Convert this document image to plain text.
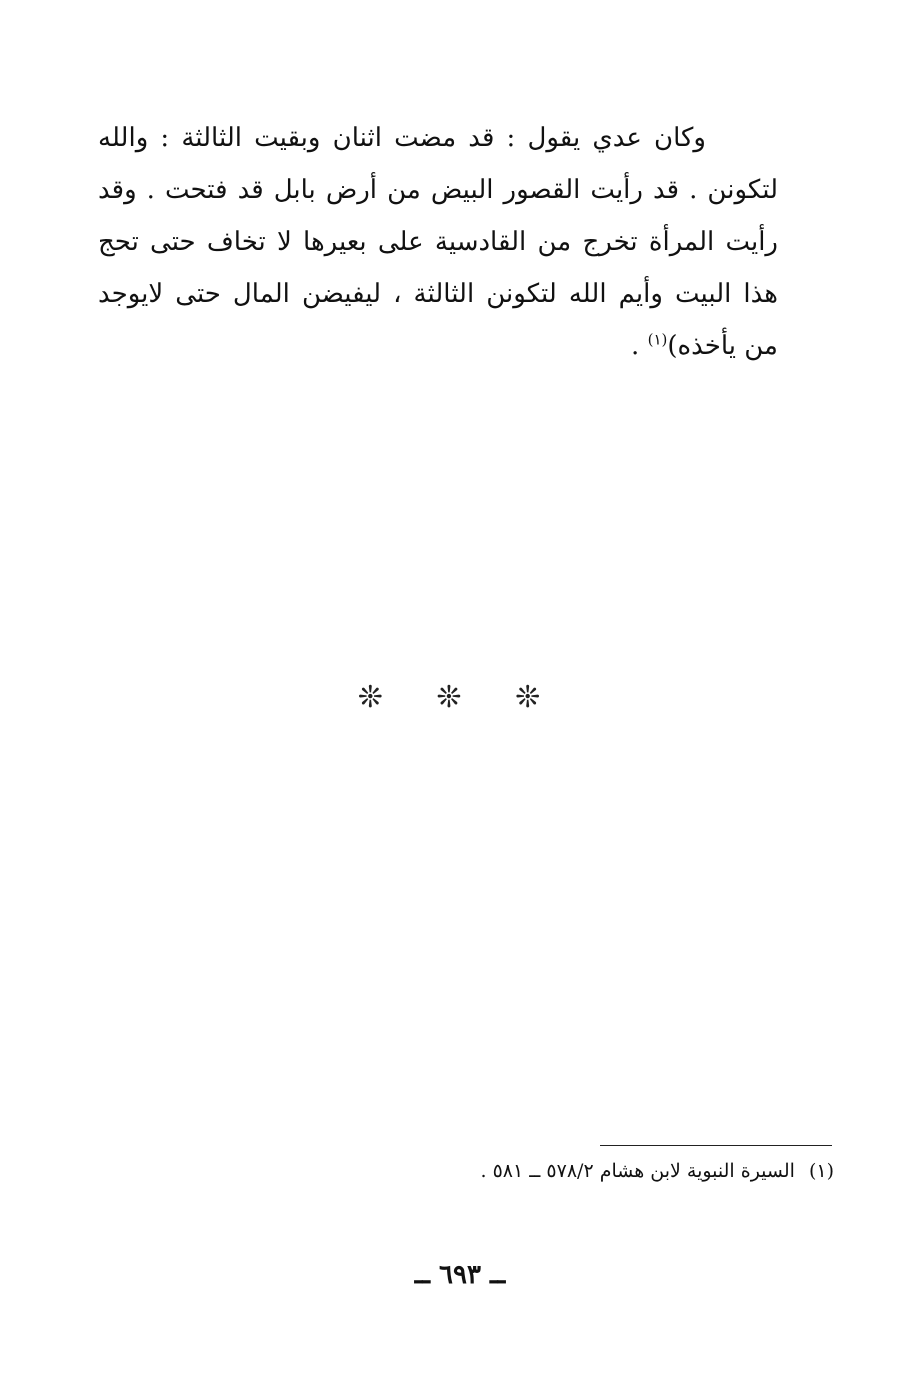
وكان عدي يقول : قد مضت اثنان وبقيت الثالثة : والله لتكونن . قد رأيت القصور البيض من أرض بابل قد فتحت . وقد رأيت المرأة تخرج من القادسية على بعيرها لا تخاف حتى تحج هذا البيت وأيم الله لتكونن الثالثة ، ليفيضن المال حتى لايوجد من يأخذه)$^{(١)}$ .

❊ ❊ ❊
(١)السيرة النبوية لابن هشام ٥٧٨/٢ ــ ٥٨١ .
ــ ٦٩٣ ــ
